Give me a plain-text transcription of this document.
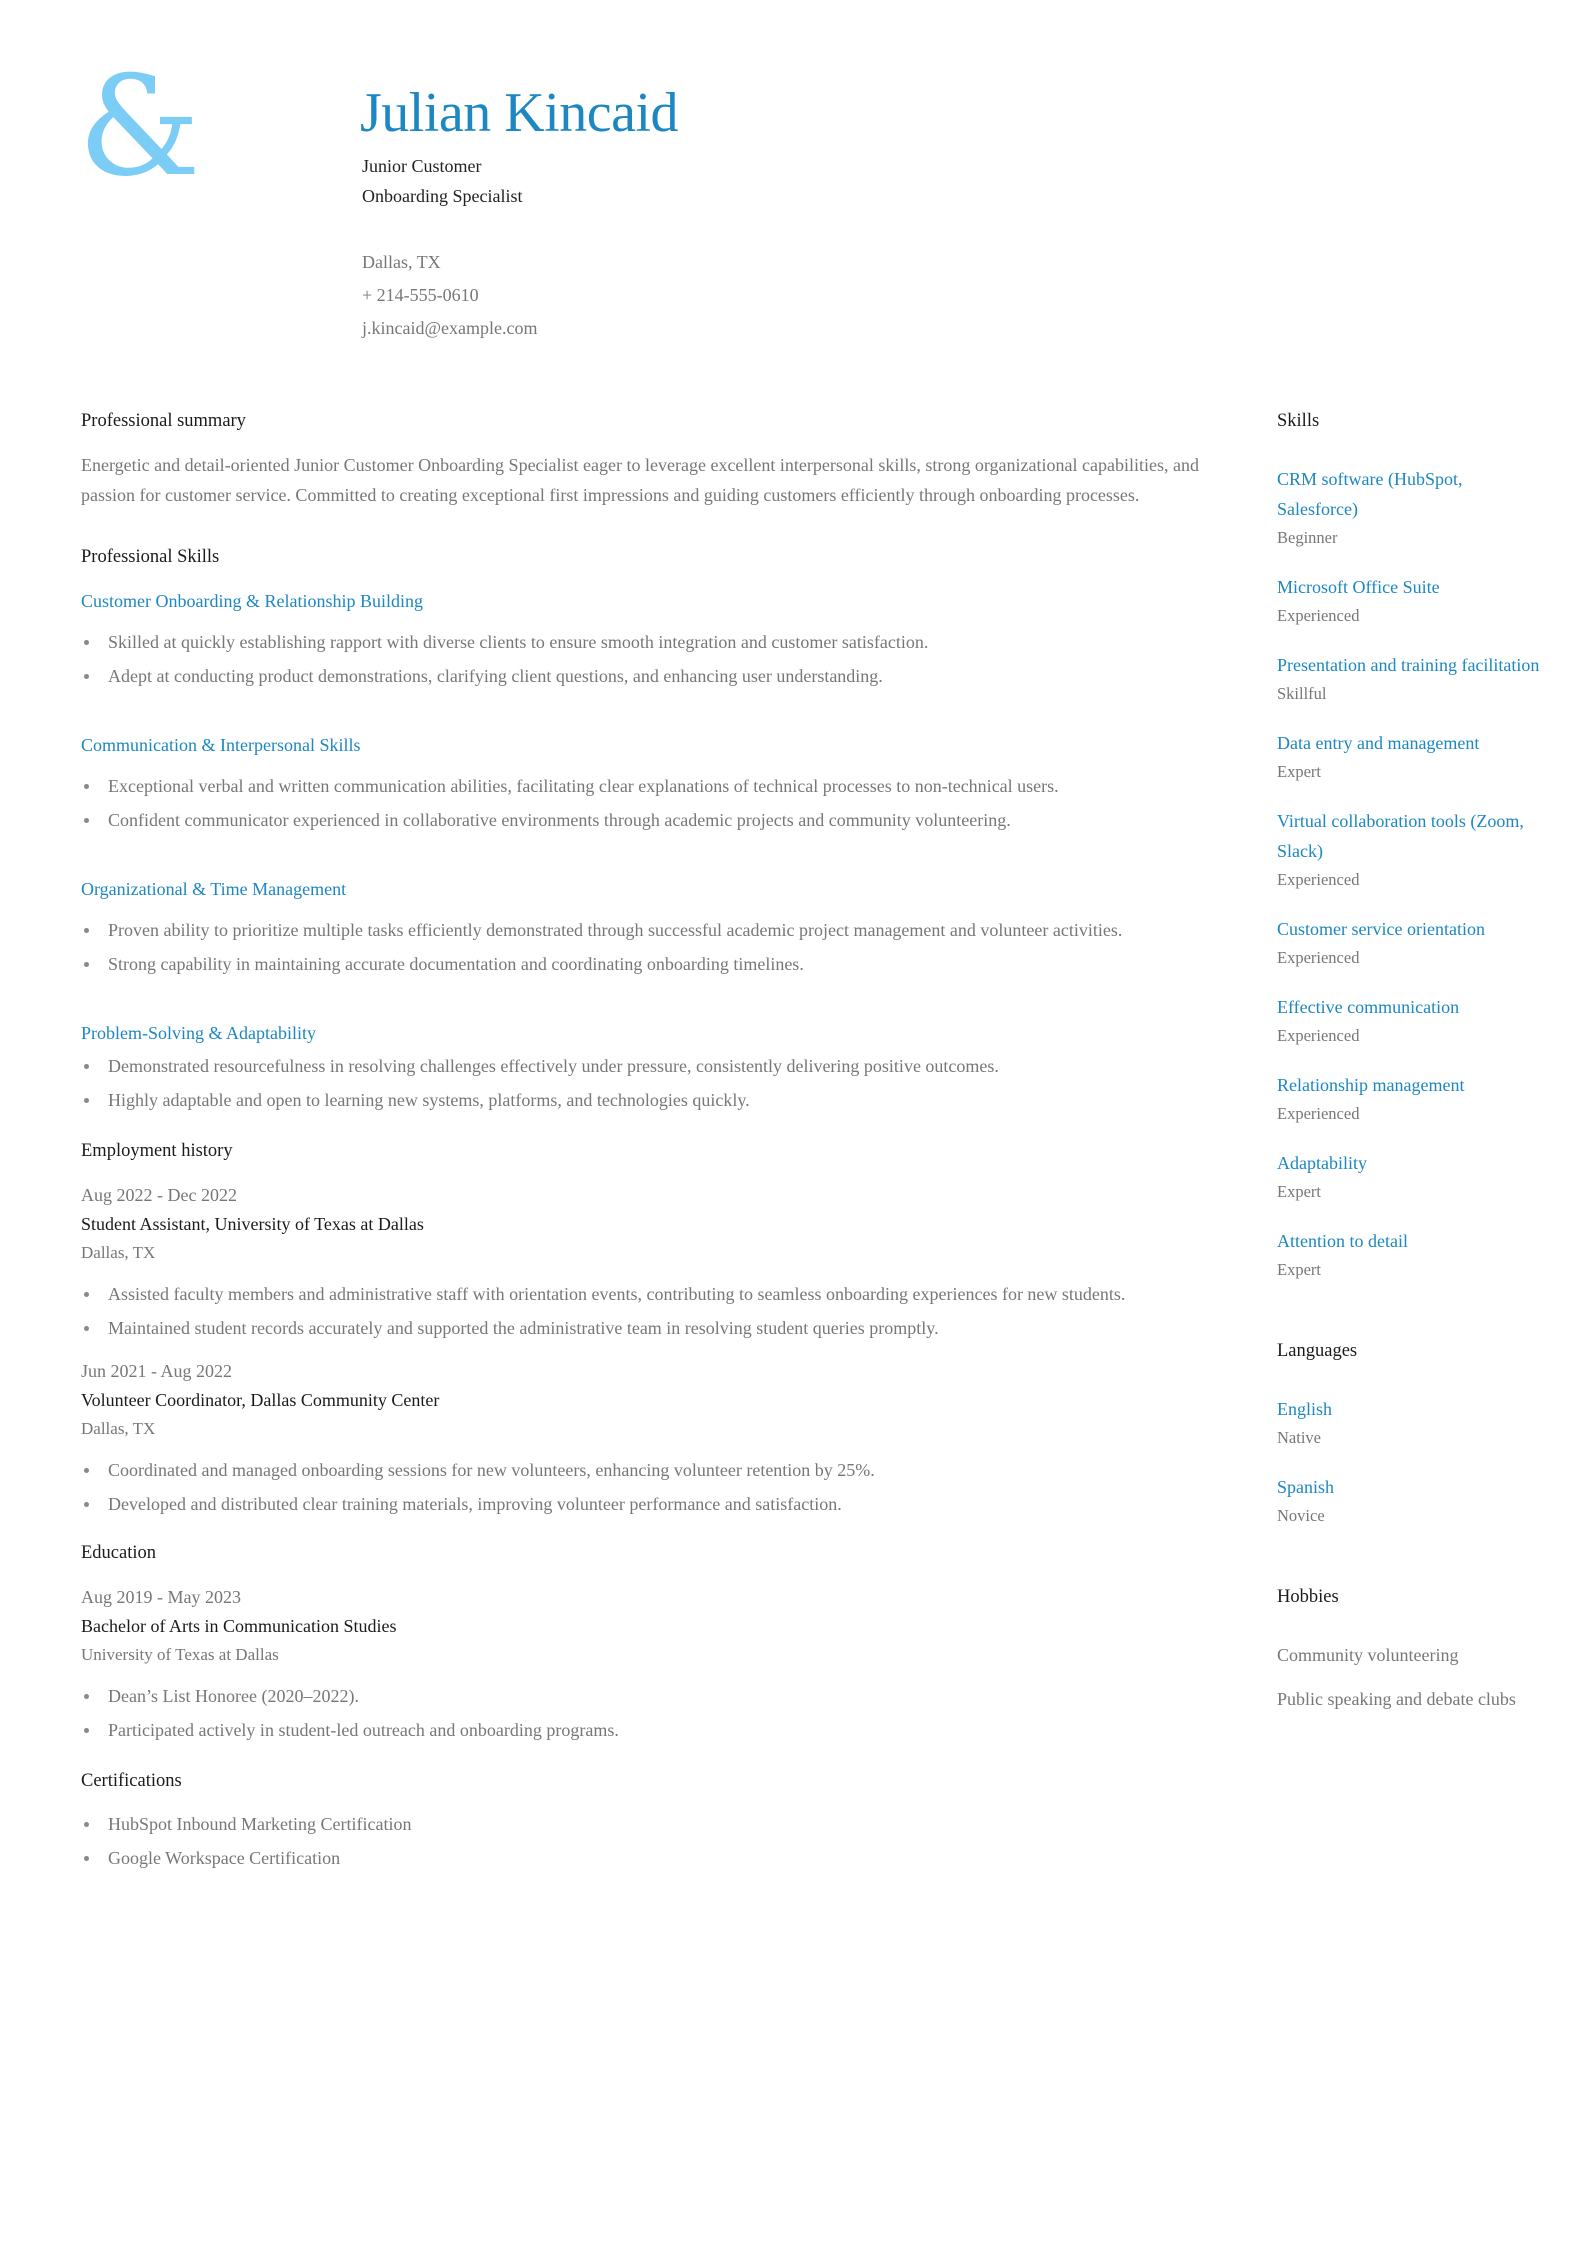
&	Julian Kincaid
Junior Customer
Onboarding Specialist
Dallas, TX
+ 214-555-0610
j.kincaid@example.com
Professional summary
Energetic and detail-oriented Junior Customer Onboarding Specialist eager to leverage excellent interpersonal skills, strong organizational capabilities, and passion for customer service. Committed to creating exceptional first impressions and guiding customers efficiently through onboarding processes.
Professional Skills
Customer Onboarding & Relationship Building
Skilled at quickly establishing rapport with diverse clients to ensure smooth integration and customer satisfaction.
Adept at conducting product demonstrations, clarifying client questions, and enhancing user understanding.
Communication & Interpersonal Skills
Exceptional verbal and written communication abilities, facilitating clear explanations of technical processes to non-technical users.
Confident communicator experienced in collaborative environments through academic projects and community volunteering.
Organizational & Time Management
Proven ability to prioritize multiple tasks efficiently demonstrated through successful academic project management and volunteer activities.
Strong capability in maintaining accurate documentation and coordinating onboarding timelines.
Problem-Solving & Adaptability
Demonstrated resourcefulness in resolving challenges effectively under pressure, consistently delivering positive outcomes.
Highly adaptable and open to learning new systems, platforms, and technologies quickly.
Employment history
Aug 2022 - Dec 2022
Student Assistant, University of Texas at Dallas
Dallas, TX
Assisted faculty members and administrative staff with orientation events, contributing to seamless onboarding experiences for new students.
Maintained student records accurately and supported the administrative team in resolving student queries promptly.
Jun 2021 - Aug 2022
Volunteer Coordinator, Dallas Community Center
Dallas, TX
Coordinated and managed onboarding sessions for new volunteers, enhancing volunteer retention by 25%.
Developed and distributed clear training materials, improving volunteer performance and satisfaction.
Education
Aug 2019 - May 2023
Bachelor of Arts in Communication Studies
University of Texas at Dallas
Dean’s List Honoree (2020–2022).
Participated actively in student-led outreach and onboarding programs.
Certifications
HubSpot Inbound Marketing Certification
Google Workspace Certification
Skills
CRM software (HubSpot, Salesforce)
Beginner
Microsoft Office Suite
Experienced
Presentation and training facilitation
Skillful
Data entry and management
Expert
Virtual collaboration tools (Zoom, Slack)
Experienced
Customer service orientation
Experienced
Effective communication
Experienced
Relationship management
Experienced
Adaptability
Expert
Attention to detail
Expert
Languages
English
Native
Spanish
Novice
Hobbies
Community volunteering
Public speaking and debate clubs
